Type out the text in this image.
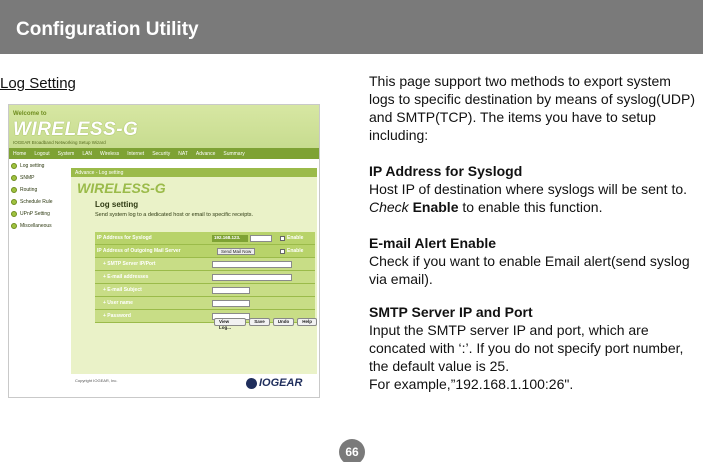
Configuration Utility
Log Setting
Welcome to
WIRELESS-G
IOGEAR Broadband Networking Setup Wizard
Home Logout System LAN Wireless Internet Security NAT Advance Summary
Log setting
SNMP
Routing
Schedule Rule
UPnP Setting
Miscellaneous
Advance - Log setting
WIRELESS-G
Log setting
Send system log to a dedicated host or email to specific receipts.
IP Address for Syslogd	192.168.123.	Enable
IP Address of Outgoing Mail Server	Send Mail Now	Enable
+ SMTP Server IP/Port
+ E-mail addresses
+ E-mail Subject
+ User name
+ Password
View Log...
Save	Undo	Help
Copyright IOGEAR, Inc.	IOGEAR
This page support two methods to export system logs to specific destination by means of syslog(UDP) and SMTP(TCP). The items you have to setup including:
IP Address for Syslogd
Host IP of destination where syslogs will be sent to.
Check Enable to enable this function.
E-mail Alert Enable
Check if you want to enable Email alert(send syslog via email).
SMTP Server IP and Port
Input the SMTP server IP and port, which are concated with ‘:’. If you do not specify port number, the default value is 25.
For example,”192.168.1.100:26".
66
